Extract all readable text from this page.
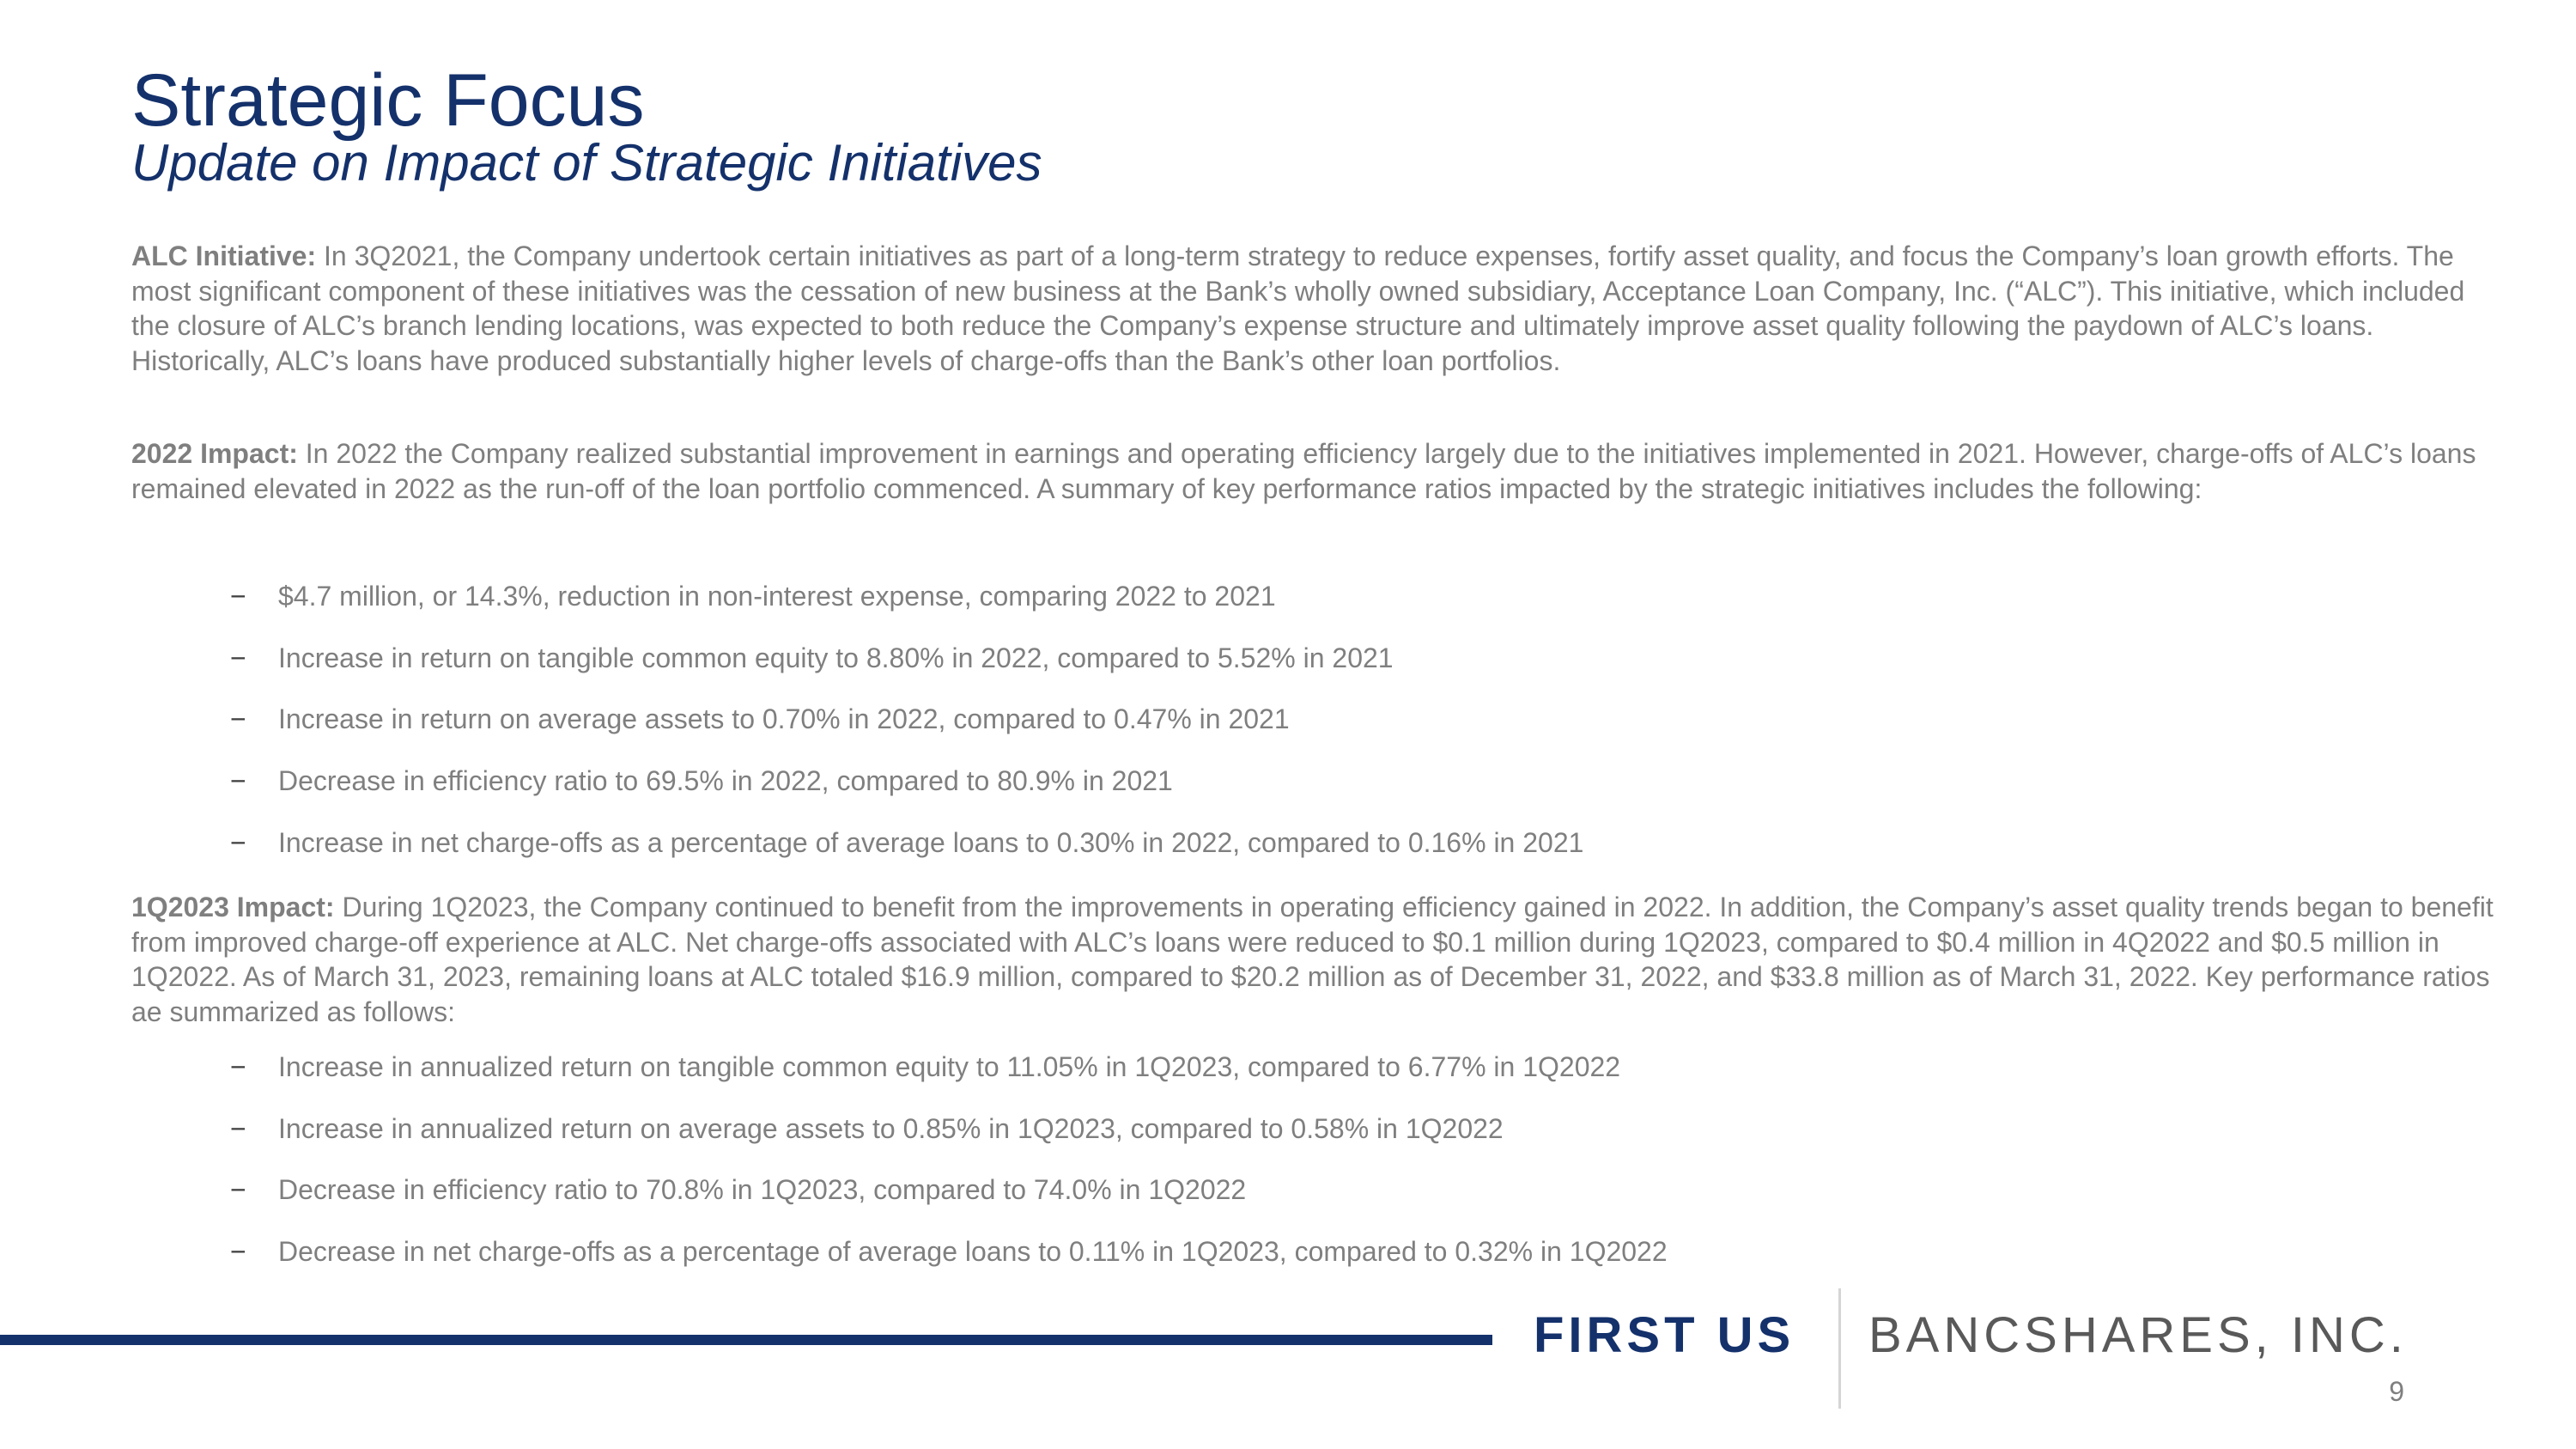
Strategic Focus
Update on Impact of Strategic Initiatives

ALC Initiative: In 3Q2021, the Company undertook certain initiatives as part of a long-term strategy to reduce expenses, fortify asset quality, and focus the Company’s loan growth efforts. The most significant component of these initiatives was the cessation of new business at the Bank’s wholly owned subsidiary, Acceptance Loan Company, Inc. (“ALC”). This initiative, which included the closure of ALC’s branch lending locations, was expected to both reduce the Company’s expense structure and ultimately improve asset quality following the paydown of ALC’s loans. Historically, ALC’s loans have produced substantially higher levels of charge-offs than the Bank’s other loan portfolios.

2022 Impact: In 2022 the Company realized substantial improvement in earnings and operating efficiency largely due to the initiatives implemented in 2021. However, charge-offs of ALC’s loans remained elevated in 2022 as the run-off of the loan portfolio commenced. A summary of key performance ratios impacted by the strategic initiatives includes the following:

− $4.7 million, or 14.3%, reduction in non-interest expense, comparing 2022 to 2021
− Increase in return on tangible common equity to 8.80% in 2022, compared to 5.52% in 2021
− Increase in return on average assets to 0.70% in 2022, compared to 0.47% in 2021
− Decrease in efficiency ratio to 69.5% in 2022, compared to 80.9% in 2021
− Increase in net charge-offs as a percentage of average loans to 0.30% in 2022, compared to 0.16% in 2021

1Q2023 Impact: During 1Q2023, the Company continued to benefit from the improvements in operating efficiency gained in 2022. In addition, the Company’s asset quality trends began to benefit from improved charge-off experience at ALC. Net charge-offs associated with ALC’s loans were reduced to $0.1 million during 1Q2023, compared to $0.4 million in 4Q2022 and $0.5 million in 1Q2022. As of March 31, 2023, remaining loans at ALC totaled $16.9 million, compared to $20.2 million as of December 31, 2022, and $33.8 million as of March 31, 2022. Key performance ratios ae summarized as follows:

− Increase in annualized return on tangible common equity to 11.05% in 1Q2023, compared to 6.77% in 1Q2022
− Increase in annualized return on average assets to 0.85% in 1Q2023, compared to 0.58% in 1Q2022
− Decrease in efficiency ratio to 70.8% in 1Q2023, compared to 74.0% in 1Q2022
− Decrease in net charge-offs as a percentage of average loans to 0.11% in 1Q2023, compared to 0.32% in 1Q2022
FIRST US BANCSHARES, INC.
9
